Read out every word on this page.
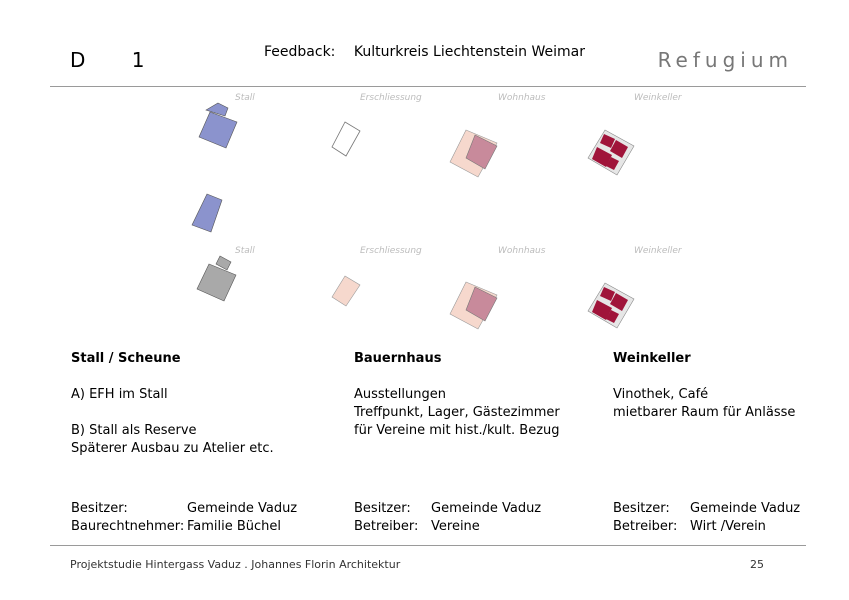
D 1	Feedback: Kulturkreis Liechtenstein Weimar	Refugium
Stall	Erschliessung	Wohnhaus	Weinkeller
Stall	Erschliessung	Wohnhaus	Weinkeller
Stall / Scheune

A) EFH im Stall

B) Stall als Reserve
Späterer Ausbau zu Atelier etc.

Bauernhaus

Ausstellungen
Treffpunkt, Lager, Gästezimmer
für Vereine mit hist./kult. Bezug

Weinkeller

Vinothek, Café
mietbarer Raum für Anlässe

Besitzer:	Gemeinde Vaduz
Baurechtnehmer: Familie Büchel
Besitzer:	Gemeinde Vaduz
Betreiber: Vereine
Besitzer:	Gemeinde Vaduz
Betreiber: Wirt /Verein
Projektstudie Hintergass Vaduz . Johannes Florin Architektur	25
